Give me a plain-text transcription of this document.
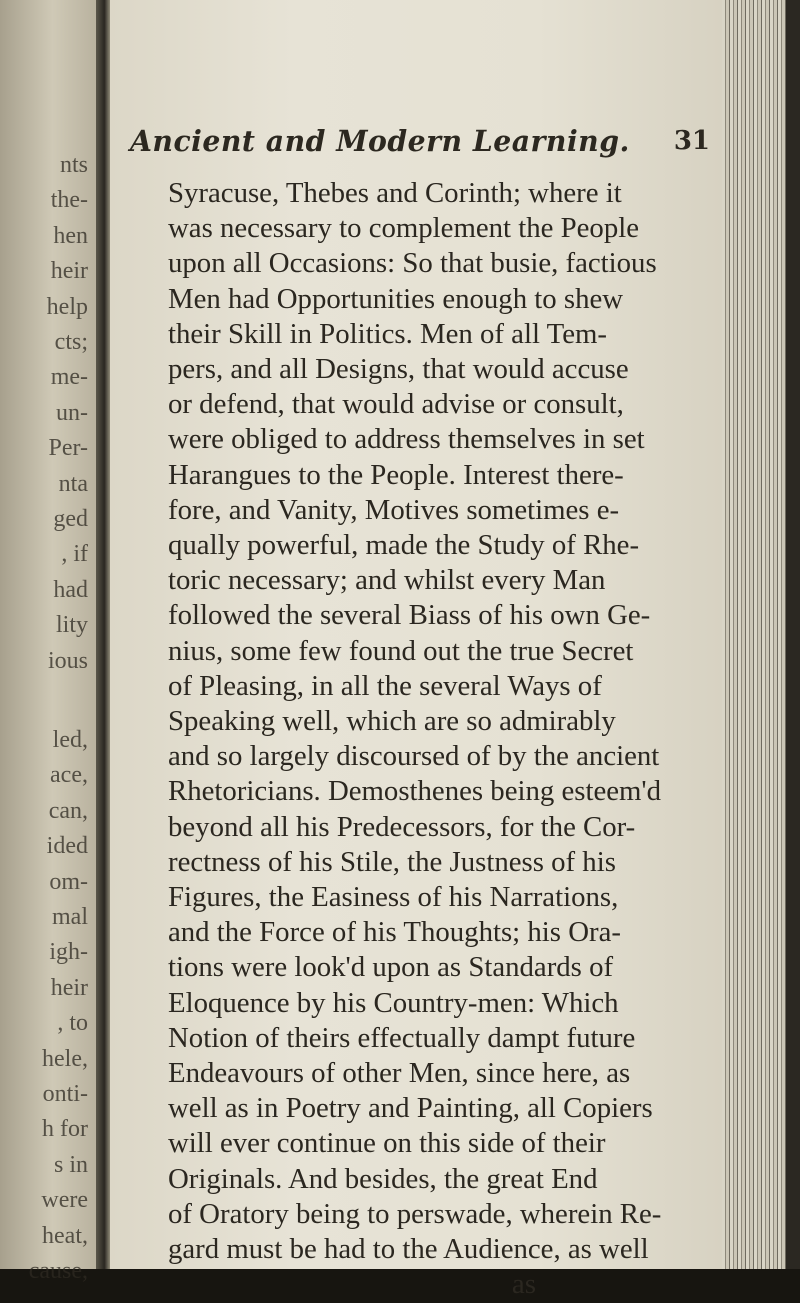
nts
the-
hen
heir
help
cts;
me-
un-
Per-
nta
ged
, if
had
lity
ious
led,
ace,
can,
ided
om-
mal
igh-
heir
, to
hele,
onti-
h for
s in
were
heat,
cause,
Ancient and Modern Learning. 31
Syracuse, Thebes and Corinth; where it
was necessary to complement the People
upon all Occasions: So that busie, factious
Men had Opportunities enough to shew
their Skill in Politics. Men of all Tem-
pers, and all Designs, that would accuse
or defend, that would advise or consult,
were obliged to address themselves in set
Harangues to the People. Interest there-
fore, and Vanity, Motives sometimes e-
qually powerful, made the Study of Rhe-
toric necessary; and whilst every Man
followed the several Biass of his own Ge-
nius, some few found out the true Secret
of Pleasing, in all the several Ways of
Speaking well, which are so admirably
and so largely discoursed of by the ancient
Rhetoricians. Demosthenes being esteem'd
beyond all his Predecessors, for the Cor-
rectness of his Stile, the Justness of his
Figures, the Easiness of his Narrations,
and the Force of his Thoughts; his Ora-
tions were look'd upon as Standards of
Eloquence by his Country-men: Which
Notion of theirs effectually dampt future
Endeavours of other Men, since here, as
well as in Poetry and Painting, all Copiers
will ever continue on this side of their
Originals. And besides, the great End
of Oratory being to perswade, wherein Re-
gard must be had to the Audience, as well
as
